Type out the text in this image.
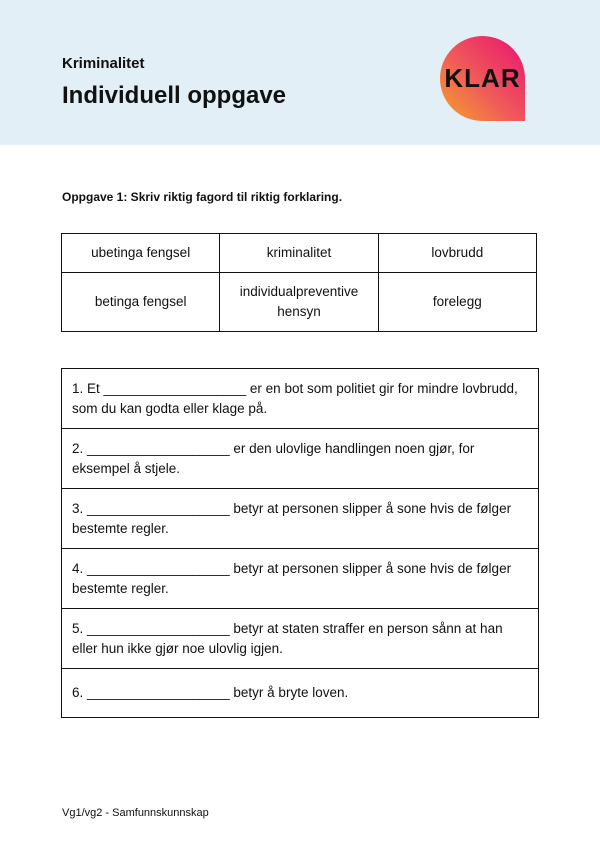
Kriminalitet
Individuell oppgave
KLAR
Oppgave 1: Skriv riktig fagord til riktig forklaring.
ubetinga fengsel	kriminalitet	lovbrudd
betinga fengsel	individualpreventive hensyn	forelegg
1. Et ___________________ er en bot som politiet gir for mindre lovbrudd, som du kan godta eller klage på.
2. ___________________ er den ulovlige handlingen noen gjør, for eksempel å stjele.
3. ___________________ betyr at personen slipper å sone hvis de følger bestemte regler.
4. ___________________ betyr at personen slipper å sone hvis de følger bestemte regler.
5. ___________________ betyr at staten straffer en person sånn at han eller hun ikke gjør noe ulovlig igjen.
6. ___________________ betyr å bryte loven.
Vg1/vg2 - Samfunnskunnskap
